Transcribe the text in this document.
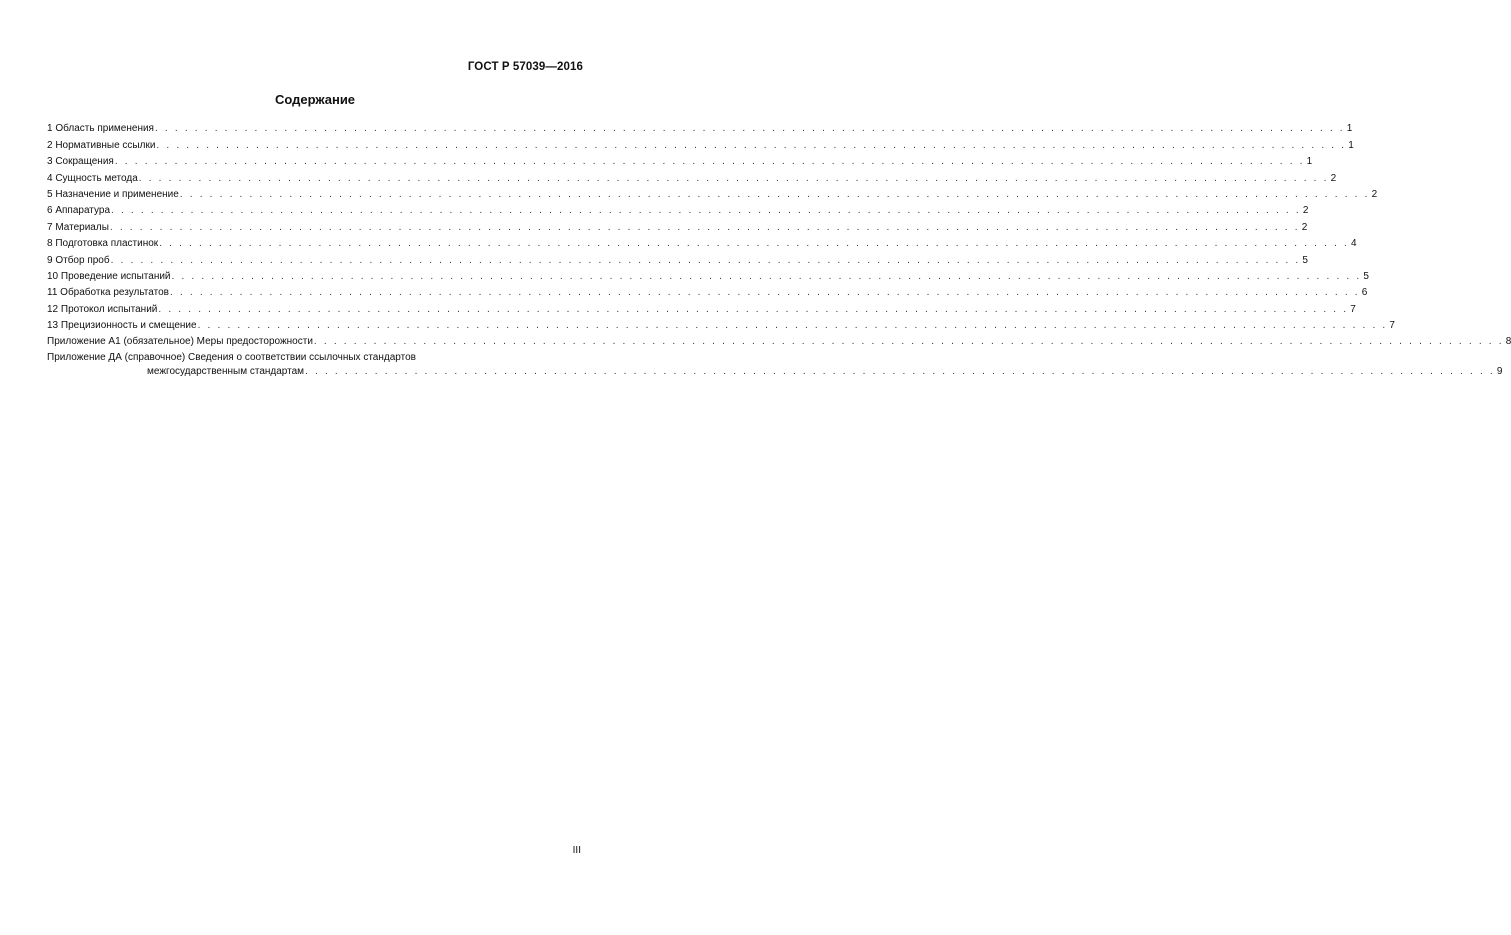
ГОСТ Р 57039—2016
Содержание
1 Область применения . . . . . . . . . . . . . . . . . . . . . . . . . . . . . . . . . . . . . . . . . . . . . . . . . . . . . . . . . . . . . . . . . . . . . . . . . . . . . . . . . . . . . . . . . . . . . . . . . . . . . . . . . . . . . . . . . . . . . . . . 1
2 Нормативные ссылки . . . . . . . . . . . . . . . . . . . . . . . . . . . . . . . . . . . . . . . . . . . . . . . . . . . . . . . . . . . . . . . . . . . . . . . . . . . . . . . . . . . . . . . . . . . . . . . . . . . . . . . . . . . . . . . . . . . . . . . . 1
3 Сокращения . . . . . . . . . . . . . . . . . . . . . . . . . . . . . . . . . . . . . . . . . . . . . . . . . . . . . . . . . . . . . . . . . . . . . . . . . . . . . . . . . . . . . . . . . . . . . . . . . . . . . . . . . . . . . . . . . . . . . . . . 1
4 Сущность метода . . . . . . . . . . . . . . . . . . . . . . . . . . . . . . . . . . . . . . . . . . . . . . . . . . . . . . . . . . . . . . . . . . . . . . . . . . . . . . . . . . . . . . . . . . . . . . . . . . . . . . . . . . . . . . . . . . . . . . . . 2
5 Назначение и применение . . . . . . . . . . . . . . . . . . . . . . . . . . . . . . . . . . . . . . . . . . . . . . . . . . . . . . . . . . . . . . . . . . . . . . . . . . . . . . . . . . . . . . . . . . . . . . . . . . . . . . . . . . . . . . . . . . . . . . . . 2
6 Аппаратура . . . . . . . . . . . . . . . . . . . . . . . . . . . . . . . . . . . . . . . . . . . . . . . . . . . . . . . . . . . . . . . . . . . . . . . . . . . . . . . . . . . . . . . . . . . . . . . . . . . . . . . . . . . . . . . . . . . . . . . . 2
7 Материалы . . . . . . . . . . . . . . . . . . . . . . . . . . . . . . . . . . . . . . . . . . . . . . . . . . . . . . . . . . . . . . . . . . . . . . . . . . . . . . . . . . . . . . . . . . . . . . . . . . . . . . . . . . . . . . . . . . . . . . . . 2
8 Подготовка пластинок . . . . . . . . . . . . . . . . . . . . . . . . . . . . . . . . . . . . . . . . . . . . . . . . . . . . . . . . . . . . . . . . . . . . . . . . . . . . . . . . . . . . . . . . . . . . . . . . . . . . . . . . . . . . . . . . . . . . . . . . 4
9 Отбор проб . . . . . . . . . . . . . . . . . . . . . . . . . . . . . . . . . . . . . . . . . . . . . . . . . . . . . . . . . . . . . . . . . . . . . . . . . . . . . . . . . . . . . . . . . . . . . . . . . . . . . . . . . . . . . . . . . . . . . . . . 5
10 Проведение испытаний . . . . . . . . . . . . . . . . . . . . . . . . . . . . . . . . . . . . . . . . . . . . . . . . . . . . . . . . . . . . . . . . . . . . . . . . . . . . . . . . . . . . . . . . . . . . . . . . . . . . . . . . . . . . . . . . . . . . . . . . 5
11 Обработка результатов . . . . . . . . . . . . . . . . . . . . . . . . . . . . . . . . . . . . . . . . . . . . . . . . . . . . . . . . . . . . . . . . . . . . . . . . . . . . . . . . . . . . . . . . . . . . . . . . . . . . . . . . . . . . . . . . . . . . . . . . 6
12 Протокол испытаний . . . . . . . . . . . . . . . . . . . . . . . . . . . . . . . . . . . . . . . . . . . . . . . . . . . . . . . . . . . . . . . . . . . . . . . . . . . . . . . . . . . . . . . . . . . . . . . . . . . . . . . . . . . . . . . . . . . . . . . . 7
13 Прецизионность и смещение . . . . . . . . . . . . . . . . . . . . . . . . . . . . . . . . . . . . . . . . . . . . . . . . . . . . . . . . . . . . . . . . . . . . . . . . . . . . . . . . . . . . . . . . . . . . . . . . . . . . . . . . . . . . . . . . . . . . . . . . 7
Приложение А1 (обязательное) Меры предосторожности . . . . . . . . . . . . . . . . . . . . . . . . . . . . . . . . . . . . . . . . . . . . . . . . . . . . . . . . . . . . . . . . . . . . . . . . . . . . . . . . . . . . . . . . . . . . . . . . . . . . . . . . . . . . . . . . . . . . . . . . 8
Приложение ДА (справочное) Сведения о соответствии ссылочных стандартов
межгосударственным стандартам . . . . . . . . . . . . . . . . . . . . . . . . . . . . . . . . . . . . . . . . . . . . . . . . . . . . . . . . . . . . . . . . . . . . . . . . . . . . . . . . . . . . . . . . . . . . . . . . . . . . . . . . . . . . . . . . . . . . . . . . 9
III
